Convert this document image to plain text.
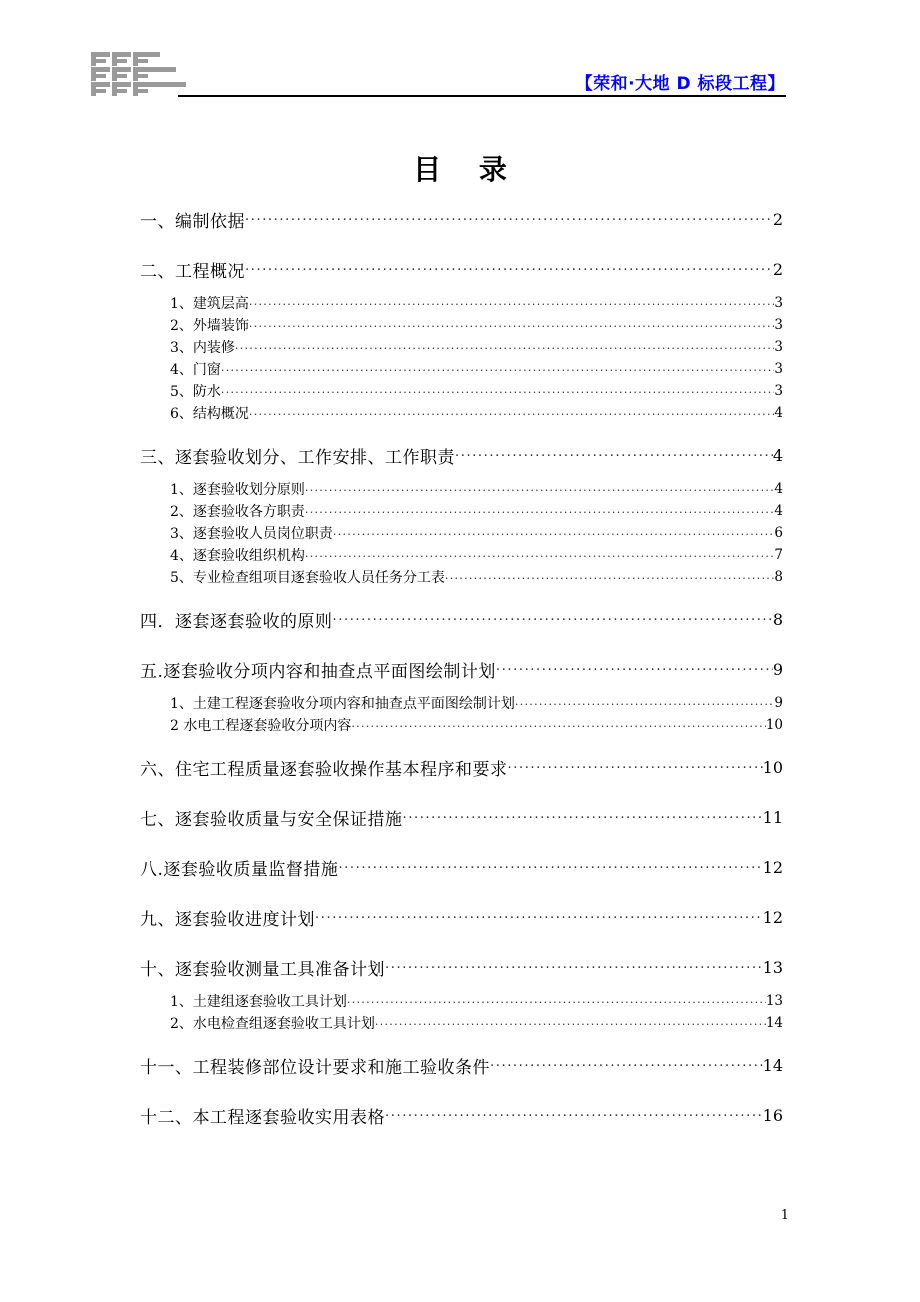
【荣和·大地 D 标段工程】
目 录
一、编制依据 .....	2
二、工程概况 .....	2
1、建筑层高 .....	3
2、外墙装饰 .....	3
3、内装修 .....	3
4、门窗 .....	3
5、防水 .....	3
6、结构概况 .....	4
三、逐套验收划分、工作安排、工作职责 .....	4
1、逐套验收划分原则 .....	4
2、逐套验收各方职责 .....	4
3、逐套验收人员岗位职责 .....	6
4、逐套验收组织机构 .....	7
5、专业检查组项目逐套验收人员任务分工表 .....	8
四．逐套逐套验收的原则 .....	8
五.逐套验收分项内容和抽查点平面图绘制计划 .....	9
1、土建工程逐套验收分项内容和抽查点平面图绘制计划 .....	9
2 水电工程逐套验收分项内容 .....	10
六、住宅工程质量逐套验收操作基本程序和要求 .....	10
七、逐套验收质量与安全保证措施 .....	11
八.逐套验收质量监督措施 .....	12
九、逐套验收进度计划 .....	12
十、逐套验收测量工具准备计划 .....	13
1、土建组逐套验收工具计划 .....	13
2、水电检查组逐套验收工具计划 .....	14
十一、工程装修部位设计要求和施工验收条件 .....	14
十二、本工程逐套验收实用表格 .....	16
1
